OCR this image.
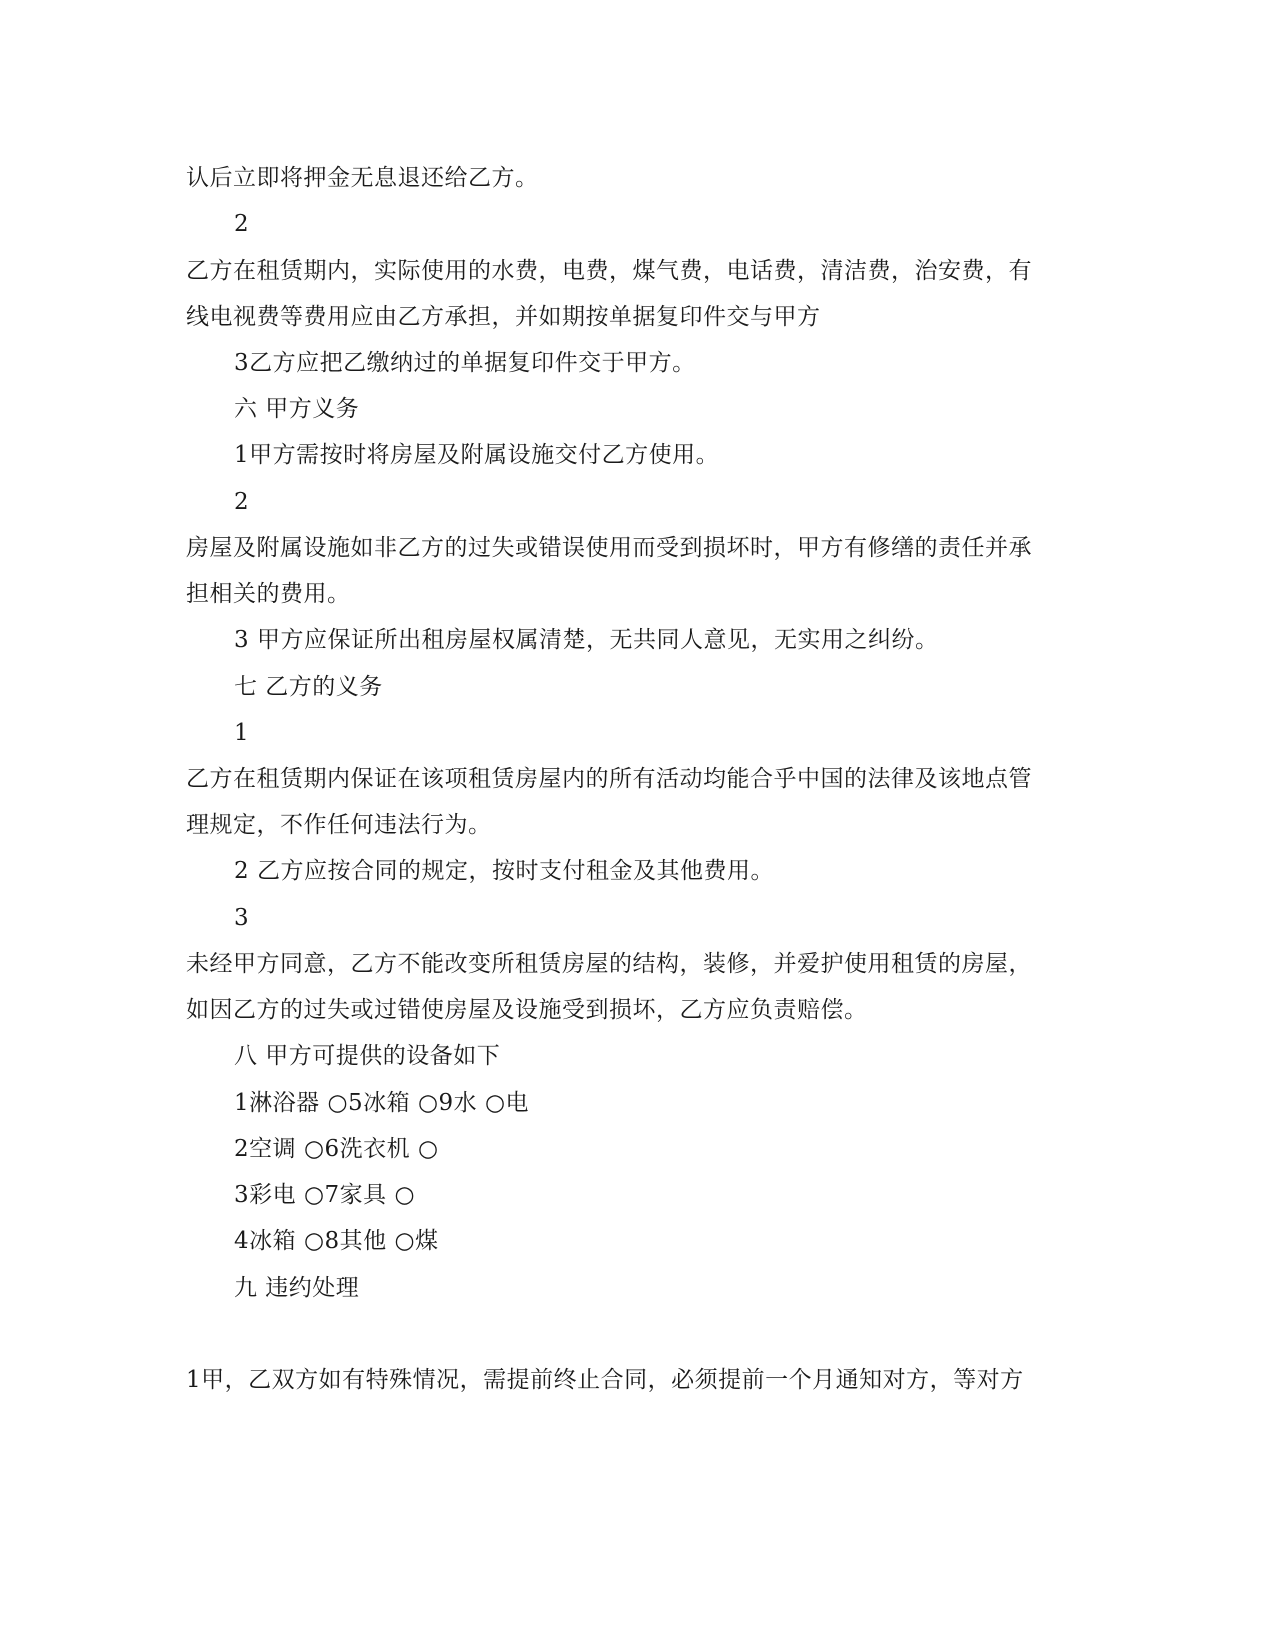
认后立即将押金无息退还给乙方。
2
乙方在租赁期内，实际使用的水费，电费，煤气费，电话费，清洁费，治安费，有
线电视费等费用应由乙方承担，并如期按单据复印件交与甲方
3乙方应把乙缴纳过的单据复印件交于甲方。
六 甲方义务
1甲方需按时将房屋及附属设施交付乙方使用。
2
房屋及附属设施如非乙方的过失或错误使用而受到损坏时，甲方有修缮的责任并承
担相关的费用。
3 甲方应保证所出租房屋权属清楚，无共同人意见，无实用之纠纷。
七 乙方的义务
1
乙方在租赁期内保证在该项租赁房屋内的所有活动均能合乎中国的法律及该地点管
理规定，不作任何违法行为。
2 乙方应按合同的规定，按时支付租金及其他费用。
3
未经甲方同意，乙方不能改变所租赁房屋的结构，装修，并爱护使用租赁的房屋，
如因乙方的过失或过错使房屋及设施受到损坏，乙方应负责赔偿。
八 甲方可提供的设备如下
1淋浴器 ○5冰箱 ○9水 ○电
2空调 ○6洗衣机 ○
3彩电 ○7家具 ○
4冰箱 ○8其他 ○煤
九 违约处理
1甲，乙双方如有特殊情况，需提前终止合同，必须提前一个月通知对方，等对方
